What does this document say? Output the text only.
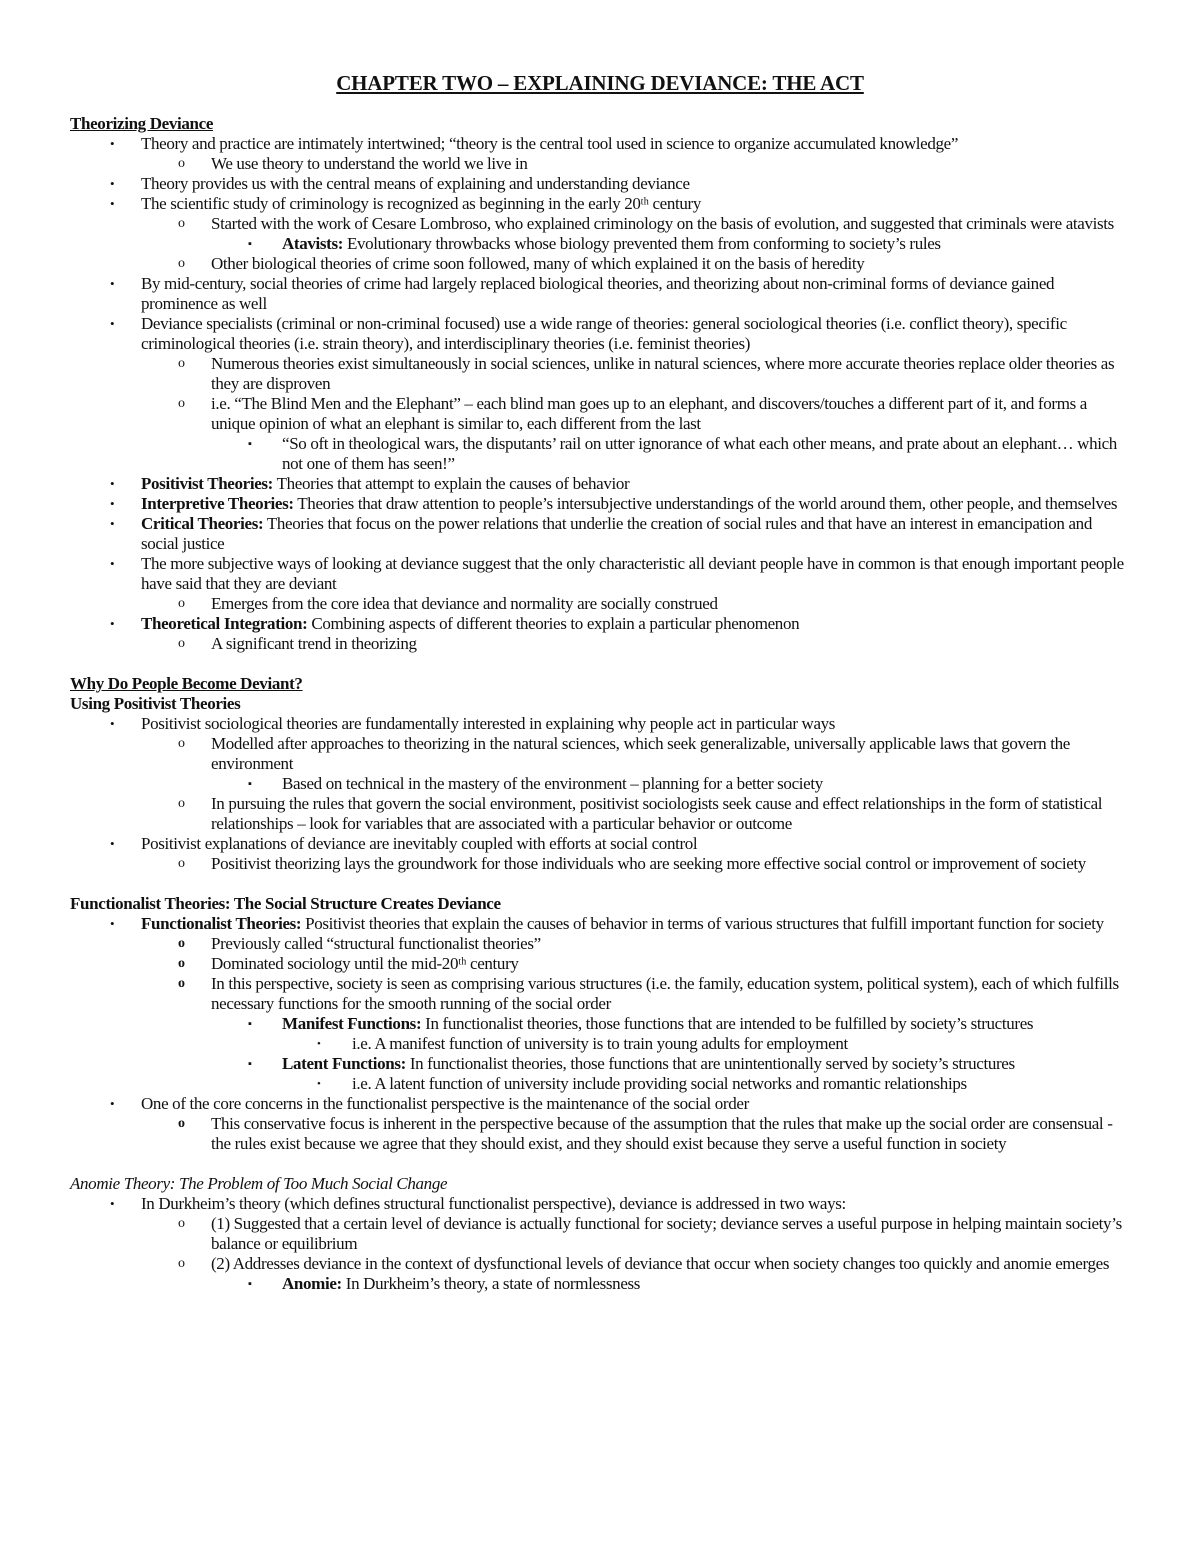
CHAPTER TWO – EXPLAINING DEVIANCE: THE ACT
Theorizing Deviance
• Theory and practice are intimately intertwined; “theory is the central tool used in science to organize accumulated knowledge”
o We use theory to understand the world we live in
• Theory provides us with the central means of explaining and understanding deviance
• The scientific study of criminology is recognized as beginning in the early 20ᵗʰ century
o Started with the work of Cesare Lombroso, who explained criminology on the basis of evolution, and suggested that criminals were atavists
▪ Atavists: Evolutionary throwbacks whose biology prevented them from conforming to society’s rules
o Other biological theories of crime soon followed, many of which explained it on the basis of heredity
• By mid-century, social theories of crime had largely replaced biological theories, and theorizing about non-criminal forms of deviance gained prominence as well
• Deviance specialists (criminal or non-criminal focused) use a wide range of theories: general sociological theories (i.e. conflict theory), specific criminological theories (i.e. strain theory), and interdisciplinary theories (i.e. feminist theories)
o Numerous theories exist simultaneously in social sciences, unlike in natural sciences, where more accurate theories replace older theories as they are disproven
o i.e. “The Blind Men and the Elephant” – each blind man goes up to an elephant, and discovers/touches a different part of it, and forms a unique opinion of what an elephant is similar to, each different from the last
▪ “So oft in theological wars, the disputants’ rail on utter ignorance of what each other means, and prate about an elephant… which not one of them has seen!”
• Positivist Theories: Theories that attempt to explain the causes of behavior
• Interpretive Theories: Theories that draw attention to people’s intersubjective understandings of the world around them, other people, and themselves
• Critical Theories: Theories that focus on the power relations that underlie the creation of social rules and that have an interest in emancipation and social justice
• The more subjective ways of looking at deviance suggest that the only characteristic all deviant people have in common is that enough important people have said that they are deviant
o Emerges from the core idea that deviance and normality are socially construed
• Theoretical Integration: Combining aspects of different theories to explain a particular phenomenon
o A significant trend in theorizing
Why Do People Become Deviant?
Using Positivist Theories
• Positivist sociological theories are fundamentally interested in explaining why people act in particular ways
o Modelled after approaches to theorizing in the natural sciences, which seek generalizable, universally applicable laws that govern the environment
▪ Based on technical in the mastery of the environment – planning for a better society
o In pursuing the rules that govern the social environment, positivist sociologists seek cause and effect relationships in the form of statistical relationships – look for variables that are associated with a particular behavior or outcome
• Positivist explanations of deviance are inevitably coupled with efforts at social control
o Positivist theorizing lays the groundwork for those individuals who are seeking more effective social control or improvement of society
Functionalist Theories: The Social Structure Creates Deviance
• Functionalist Theories: Positivist theories that explain the causes of behavior in terms of various structures that fulfill important function for society
o Previously called “structural functionalist theories”
o Dominated sociology until the mid-20ᵗʰ century
o In this perspective, society is seen as comprising various structures (i.e. the family, education system, political system), each of which fulfills necessary functions for the smooth running of the social order
▪ Manifest Functions: In functionalist theories, those functions that are intended to be fulfilled by society’s structures
• i.e. A manifest function of university is to train young adults for employment
▪ Latent Functions: In functionalist theories, those functions that are unintentionally served by society’s structures
• i.e. A latent function of university include providing social networks and romantic relationships
• One of the core concerns in the functionalist perspective is the maintenance of the social order
o This conservative focus is inherent in the perspective because of the assumption that the rules that make up the social order are consensual - the rules exist because we agree that they should exist, and they should exist because they serve a useful function in society
Anomie Theory: The Problem of Too Much Social Change
• In Durkheim’s theory (which defines structural functionalist perspective), deviance is addressed in two ways:
o (1) Suggested that a certain level of deviance is actually functional for society; deviance serves a useful purpose in helping maintain society’s balance or equilibrium
o (2) Addresses deviance in the context of dysfunctional levels of deviance that occur when society changes too quickly and anomie emerges
▪ Anomie: In Durkheim’s theory, a state of normlessness
